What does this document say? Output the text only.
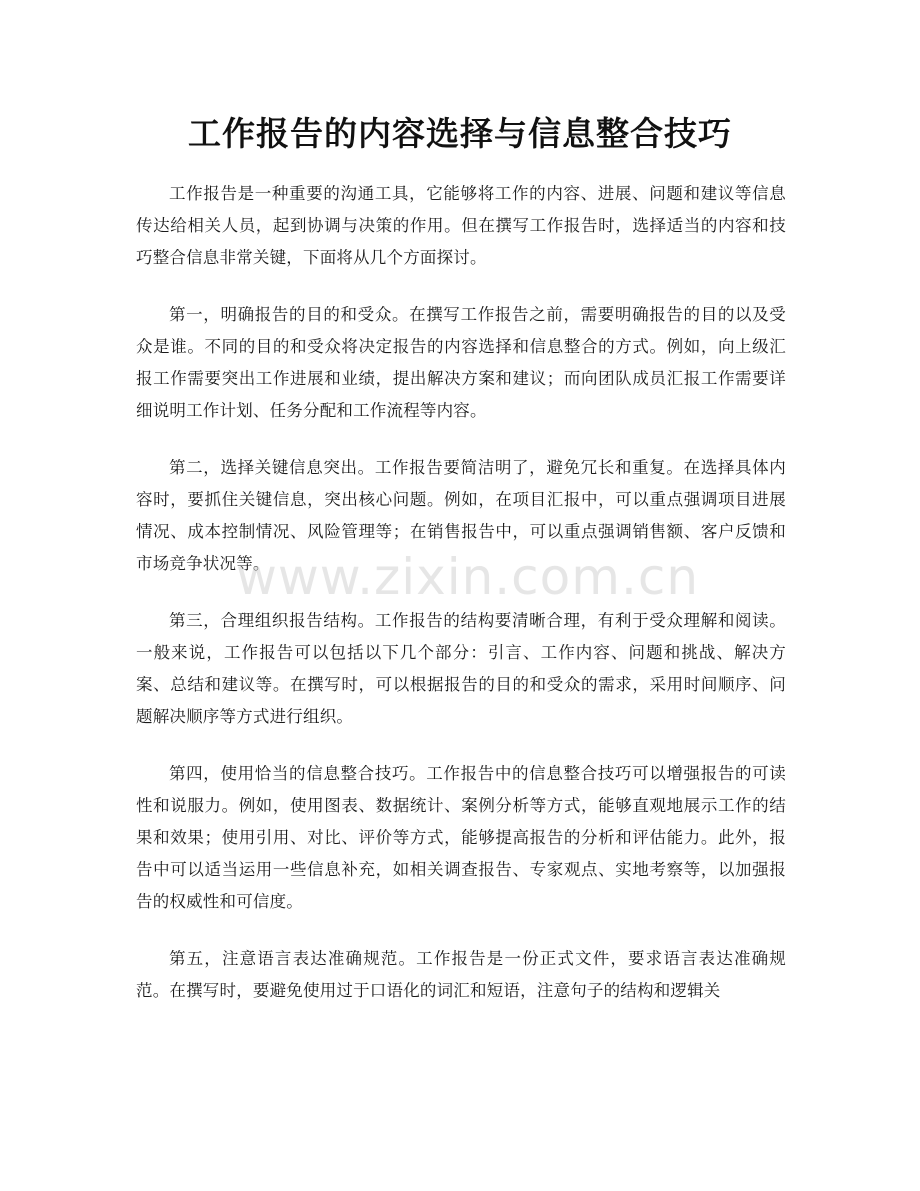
工作报告的内容选择与信息整合技巧

工作报告是一种重要的沟通工具，它能够将工作的内容、进展、问题和建议等信息传达给相关人员，起到协调与决策的作用。但在撰写工作报告时，选择适当的内容和技巧整合信息非常关键，下面将从几个方面探讨。

第一，明确报告的目的和受众。在撰写工作报告之前，需要明确报告的目的以及受众是谁。不同的目的和受众将决定报告的内容选择和信息整合的方式。例如，向上级汇报工作需要突出工作进展和业绩，提出解决方案和建议；而向团队成员汇报工作需要详细说明工作计划、任务分配和工作流程等内容。

第二，选择关键信息突出。工作报告要简洁明了，避免冗长和重复。在选择具体内容时，要抓住关键信息，突出核心问题。例如，在项目汇报中，可以重点强调项目进展情况、成本控制情况、风险管理等；在销售报告中，可以重点强调销售额、客户反馈和市场竞争状况等。

第三，合理组织报告结构。工作报告的结构要清晰合理，有利于受众理解和阅读。一般来说，工作报告可以包括以下几个部分：引言、工作内容、问题和挑战、解决方案、总结和建议等。在撰写时，可以根据报告的目的和受众的需求，采用时间顺序、问题解决顺序等方式进行组织。

第四，使用恰当的信息整合技巧。工作报告中的信息整合技巧可以增强报告的可读性和说服力。例如，使用图表、数据统计、案例分析等方式，能够直观地展示工作的结果和效果；使用引用、对比、评价等方式，能够提高报告的分析和评估能力。此外，报告中可以适当运用一些信息补充，如相关调查报告、专家观点、实地考察等，以加强报告的权威性和可信度。

第五，注意语言表达准确规范。工作报告是一份正式文件，要求语言表达准确规范。在撰写时，要避免使用过于口语化的词汇和短语，注意句子的结构和逻辑关

www.zixin.com.cn
